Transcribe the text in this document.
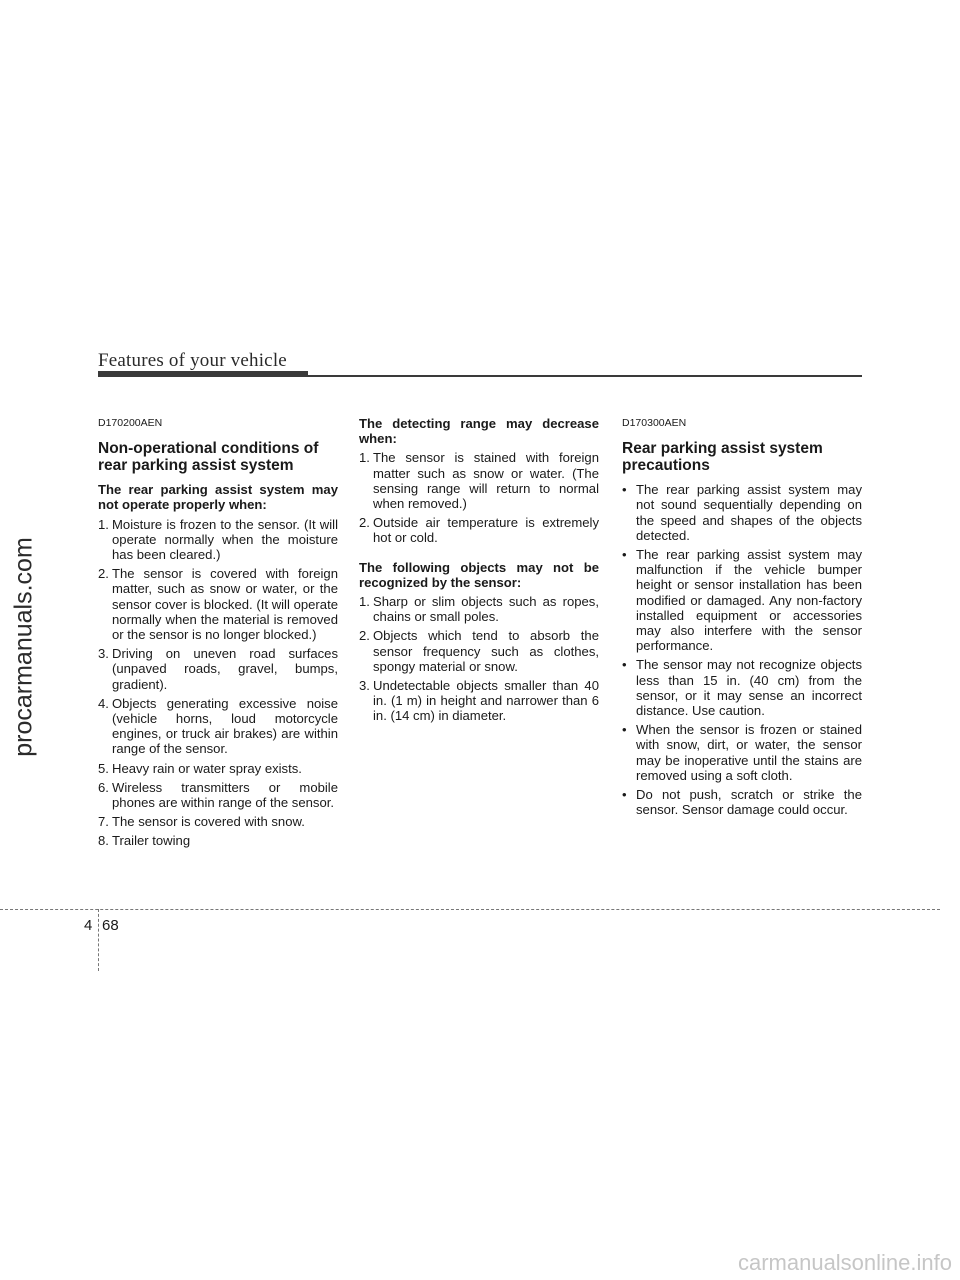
Features of your vehicle
D170200AEN
Non-operational conditions of rear parking assist system
The rear parking assist system may not operate properly when:
1. Moisture is frozen to the sensor. (It will operate normally when the moisture has been cleared.)
2. The sensor is covered with foreign matter, such as snow or water, or the sensor cover is blocked. (It will operate normally when the material is removed or the sensor is no longer blocked.)
3. Driving on uneven road surfaces (unpaved roads, gravel, bumps, gradient).
4. Objects generating excessive noise (vehicle horns, loud motorcycle engines, or truck air brakes) are within range of the sensor.
5. Heavy rain or water spray exists.
6. Wireless transmitters or mobile phones are within range of the sensor.
7. The sensor is covered with snow.
8. Trailer towing
The detecting range may decrease when:
1. The sensor is stained with foreign matter such as snow or water. (The sensing range will return to normal when removed.)
2. Outside air temperature is extremely hot or cold.
The following objects may not be recognized by the sensor:
1. Sharp or slim objects such as ropes, chains or small poles.
2. Objects which tend to absorb the sensor frequency such as clothes, spongy material or snow.
3. Undetectable objects smaller than 40 in. (1 m) in height and narrower than 6 in. (14 cm) in diameter.
D170300AEN
Rear parking assist system precautions
• The rear parking assist system may not sound sequentially depending on the speed and shapes of the objects detected.
• The rear parking assist system may malfunction if the vehicle bumper height or sensor installation has been modified or damaged. Any non-factory installed equipment or accessories may also interfere with the sensor performance.
• The sensor may not recognize objects less than 15 in. (40 cm) from the sensor, or it may sense an incorrect distance. Use caution.
• When the sensor is frozen or stained with snow, dirt, or water, the sensor may be inoperative until the stains are removed using a soft cloth.
• Do not push, scratch or strike the sensor. Sensor damage could occur.
4 68
procarmanuals.com
carmanualsonline.info
